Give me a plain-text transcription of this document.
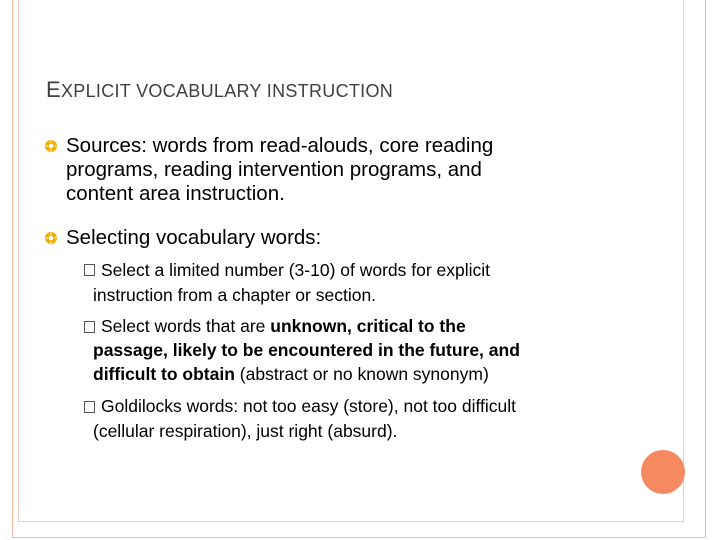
EXPLICIT VOCABULARY INSTRUCTION
Sources: words from read-alouds, core reading
programs, reading intervention programs, and
content area instruction.
Selecting vocabulary words:
Select a limited number (3-10) of words for explicit
instruction from a chapter or section.
Select words that are unknown, critical to the
passage, likely to be encountered in the future, and
difficult to obtain (abstract or no known synonym)
Goldilocks words: not too easy (store), not too difficult
(cellular respiration), just right (absurd).
